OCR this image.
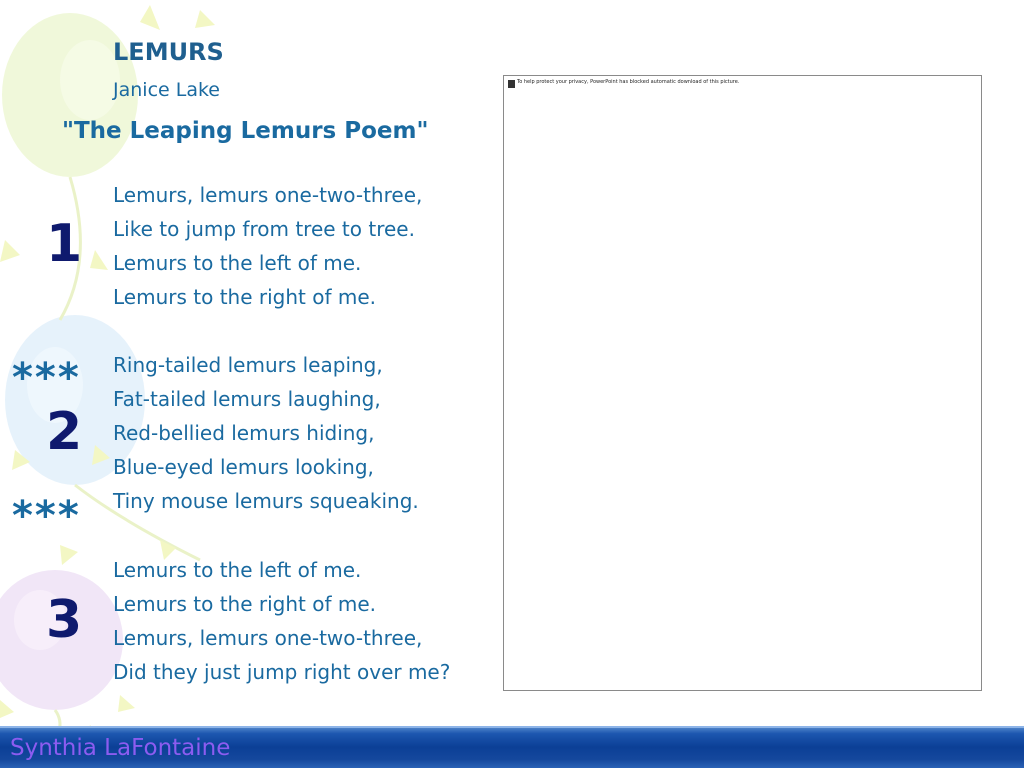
LEMURS
Janice Lake
"The Leaping Lemurs Poem"
1
Lemurs, lemurs one-two-three,
Like to jump from tree to tree.
Lemurs to the left of me.
Lemurs to the right of me.
***
2
Ring-tailed lemurs leaping,
Fat-tailed lemurs laughing,
Red-bellied lemurs hiding,
Blue-eyed lemurs looking,
Tiny mouse lemurs squeaking.
***
3
Lemurs to the left of me.
Lemurs to the right of me.
Lemurs, lemurs one-two-three,
Did they just jump right over me?
To help protect your privacy, PowerPoint has blocked automatic download of this picture.
Synthia LaFontaine
